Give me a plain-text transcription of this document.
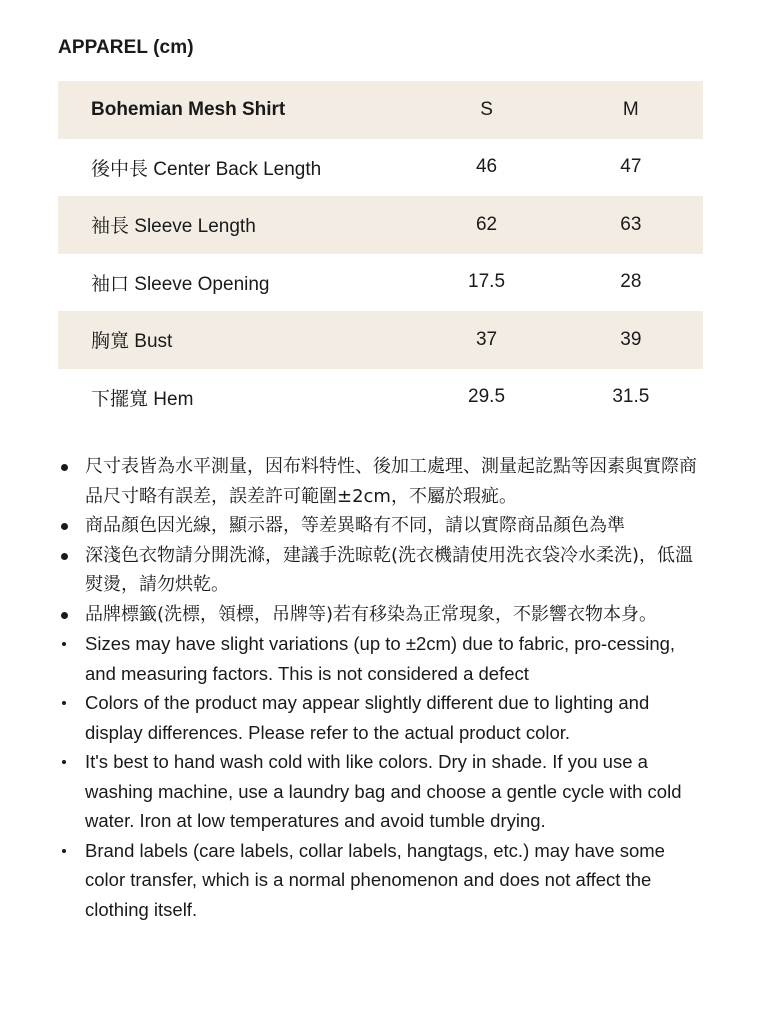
APPAREL (cm)
Bohemian Mesh Shirt	S	M
後中長 Center Back Length	46	47
袖長 Sleeve Length	62	63
袖口 Sleeve Opening	17.5	28
胸寬 Bust	37	39
下擺寬 Hem	29.5	31.5
尺寸表皆為水平測量，因布料特性、後加工處理、測量起訖點等因素與實際商品尺寸略有誤差，誤差許可範圍±2cm，不屬於瑕疵。
商品顏色因光線，顯示器，等差異略有不同，請以實際商品顏色為準
深淺色衣物請分開洗滌，建議手洗晾乾(洗衣機請使用洗衣袋冷水柔洗)，低溫熨燙，請勿烘乾。
品牌標籤(洗標，領標，吊牌等)若有移染為正常現象，不影響衣物本身。
Sizes may have slight variations (up to ±2cm) due to fabric, pro-cessing, and measuring factors. This is not considered a defect
Colors of the product may appear slightly different due to lighting and display differences. Please refer to the actual product color.
It's best to hand wash cold with like colors. Dry in shade. If you use a washing machine, use a laundry bag and choose a gentle cycle with cold water. Iron at low temperatures and avoid tumble drying.
Brand labels (care labels, collar labels, hangtags, etc.) may have some color transfer, which is a normal phenomenon and does not affect the clothing itself.
